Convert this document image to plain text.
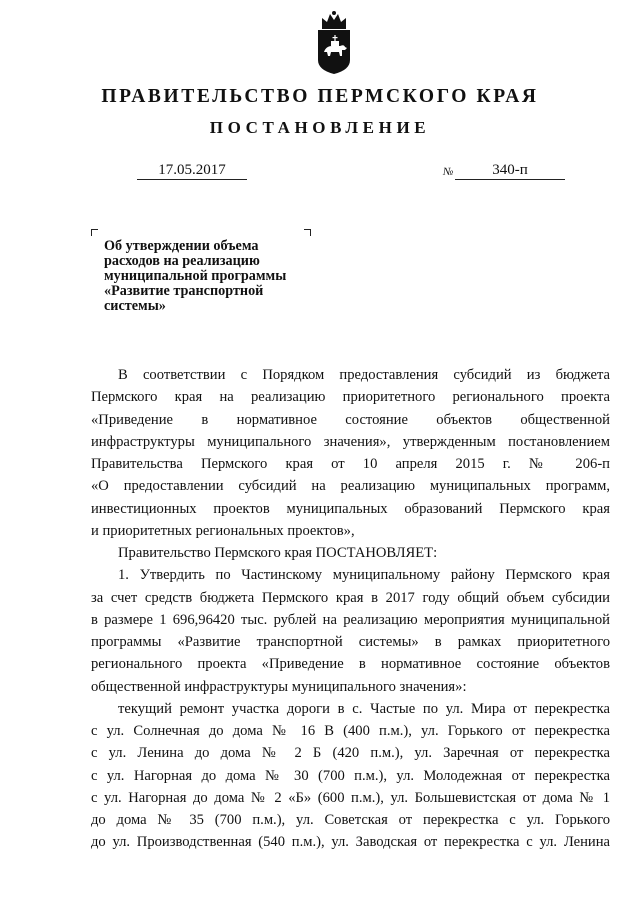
ПРАВИТЕЛЬСТВО ПЕРМСКОГО КРАЯ
ПОСТАНОВЛЕНИЕ
17.05.2017	№	340-п
Об утверждении объема
расходов на реализацию
муниципальной программы
«Развитие транспортной
системы»
В соответствии с Порядком предоставления субсидий из бюджета
Пермского края на реализацию приоритетного регионального проекта
«Приведение в нормативное состояние объектов общественной
инфраструктуры муниципального значения», утвержденным постановлением
Правительства Пермского края от 10 апреля 2015 г. № 206-п
«О предоставлении субсидий на реализацию муниципальных программ,
инвестиционных проектов муниципальных образований Пермского края
и приоритетных региональных проектов»,
Правительство Пермского края ПОСТАНОВЛЯЕТ:
1. Утвердить по Частинскому муниципальному району Пермского края
за счет средств бюджета Пермского края в 2017 году общий объем субсидии
в размере 1 696,96420 тыс. рублей на реализацию мероприятия муниципальной
программы «Развитие транспортной системы» в рамках приоритетного
регионального проекта «Приведение в нормативное состояние объектов
общественной инфраструктуры муниципального значения»:
текущий ремонт участка дороги в с. Частые по ул. Мира от перекрестка
с ул. Солнечная до дома № 16 В (400 п.м.), ул. Горького от перекрестка
с ул. Ленина до дома № 2 Б (420 п.м.), ул. Заречная от перекрестка
с ул. Нагорная до дома № 30 (700 п.м.), ул. Молодежная от перекрестка
с ул. Нагорная до дома № 2 «Б» (600 п.м.), ул. Большевистская от дома № 1
до дома № 35 (700 п.м.), ул. Советская от перекрестка с ул. Горького
до ул. Производственная (540 п.м.), ул. Заводская от перекрестка с ул. Ленина
